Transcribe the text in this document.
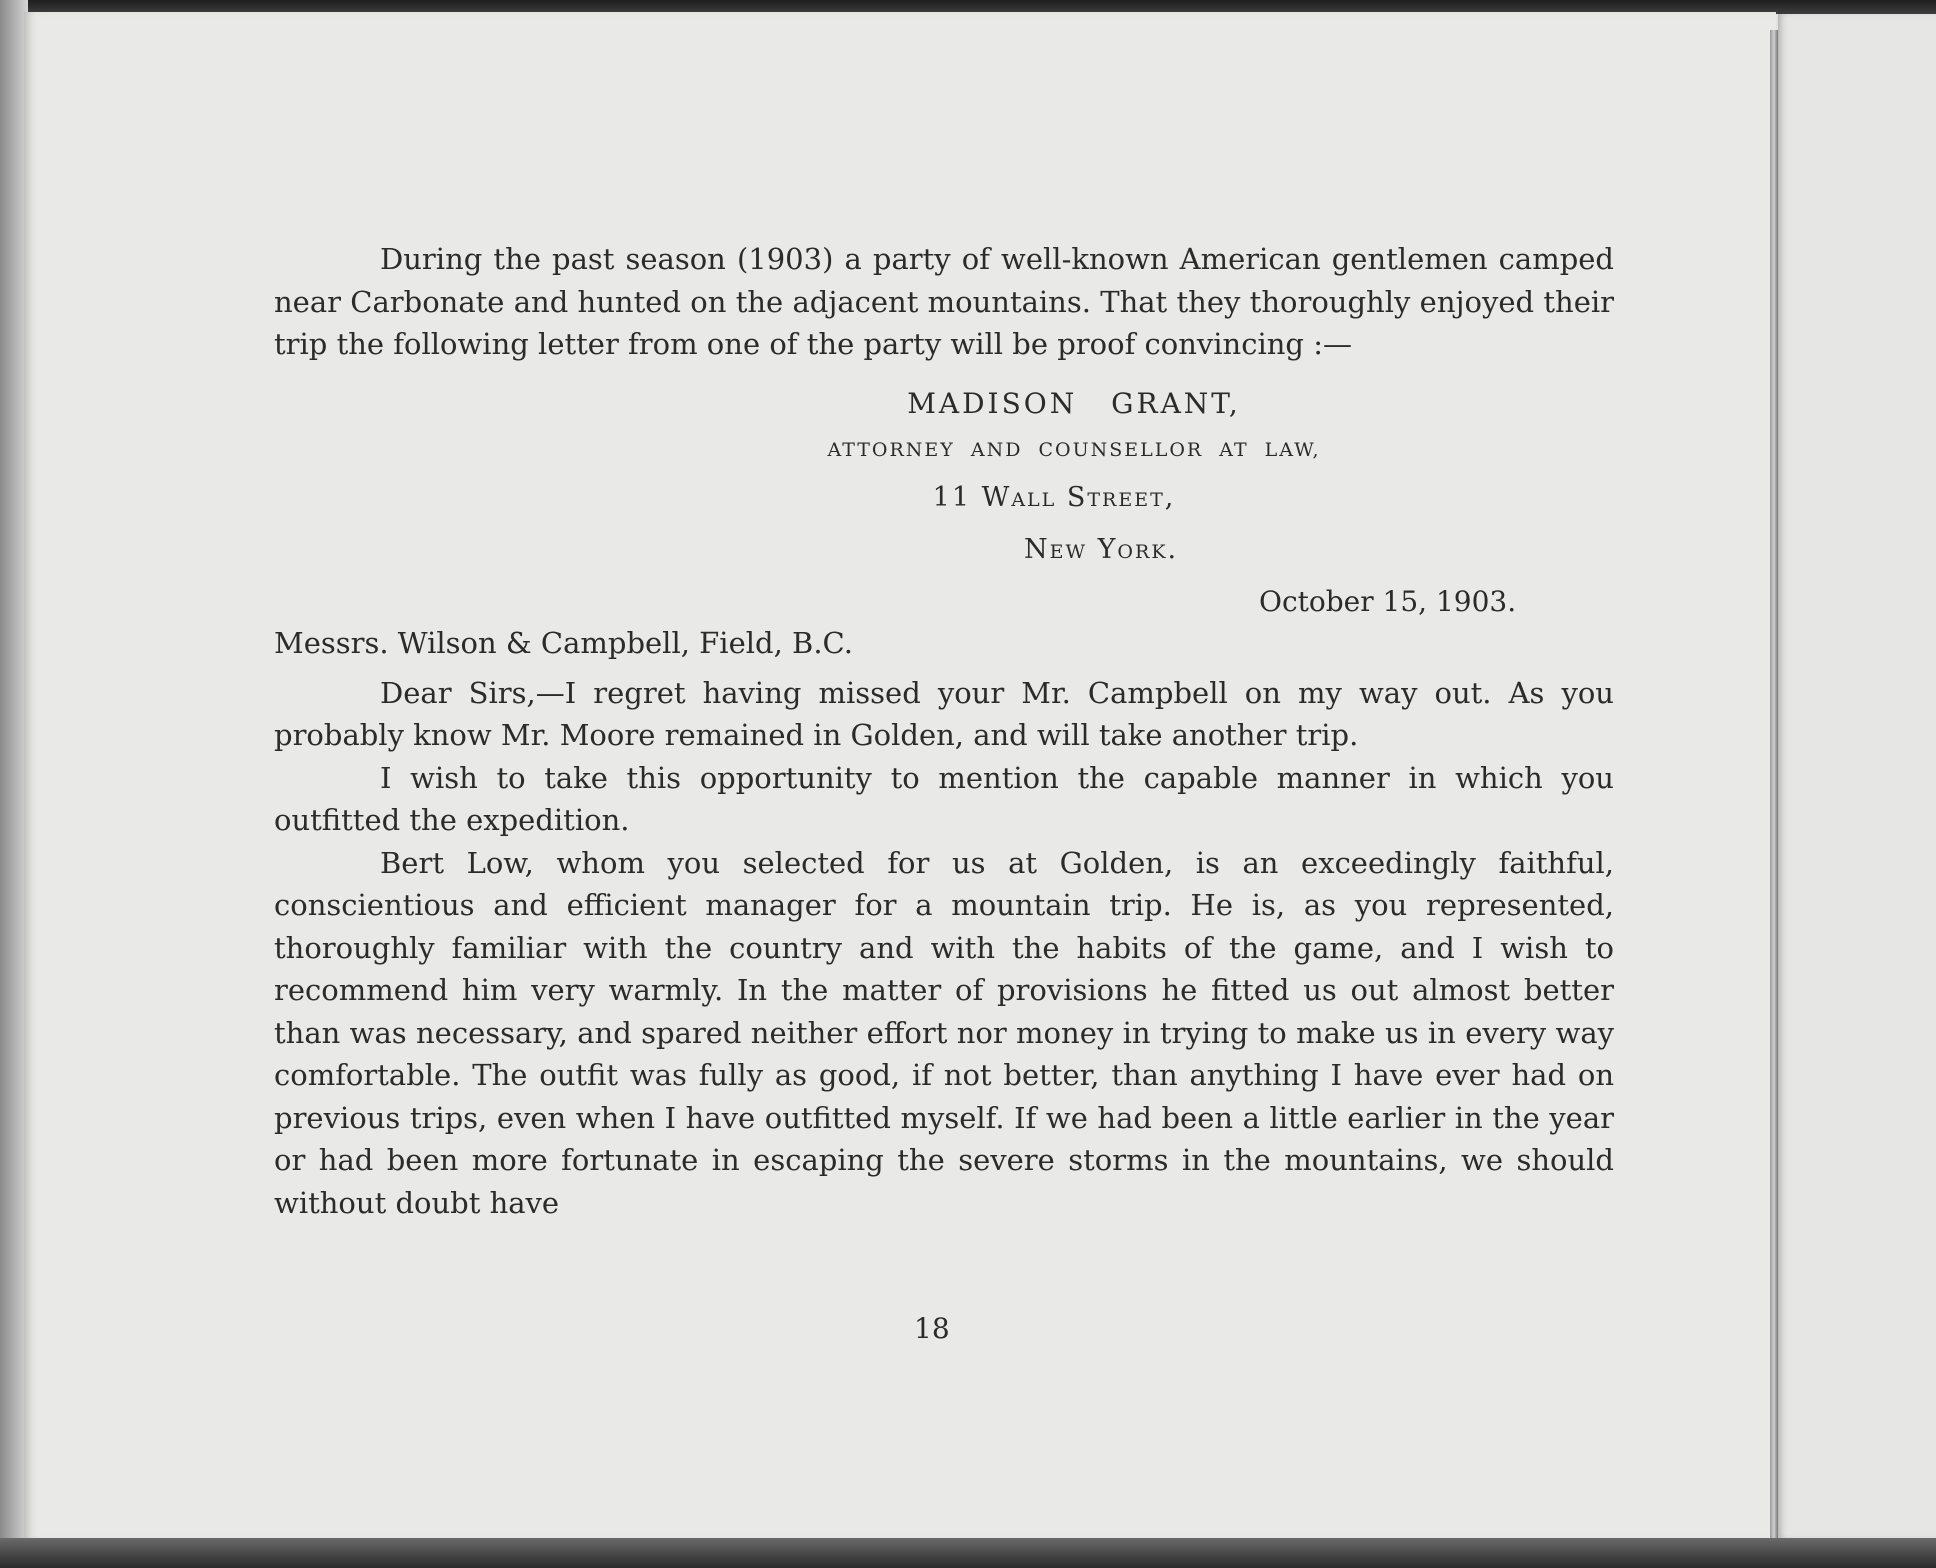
During the past season (1903) a party of well-known American gentlemen camped near Carbonate and hunted on the adjacent mountains. That they thoroughly enjoyed their trip the following letter from one of the party will be proof convincing :—

MADISON GRANT,
ATTORNEY AND COUNSELLOR AT LAW,
11 Wall Street,
New York.
October 15, 1903.
Messrs. Wilson & Campbell, Field, B.C.

Dear Sirs,—I regret having missed your Mr. Campbell on my way out. As you probably know Mr. Moore remained in Golden, and will take another trip.

I wish to take this opportunity to mention the capable manner in which you outfitted the expedition.

Bert Low, whom you selected for us at Golden, is an exceedingly faithful, conscientious and efficient manager for a mountain trip. He is, as you represented, thoroughly familiar with the country and with the habits of the game, and I wish to recommend him very warmly. In the matter of provisions he fitted us out almost better than was necessary, and spared neither effort nor money in trying to make us in every way comfortable. The outfit was fully as good, if not better, than anything I have ever had on previous trips, even when I have outfitted myself. If we had been a little earlier in the year or had been more fortunate in escaping the severe storms in the mountains, we should without doubt have

18
